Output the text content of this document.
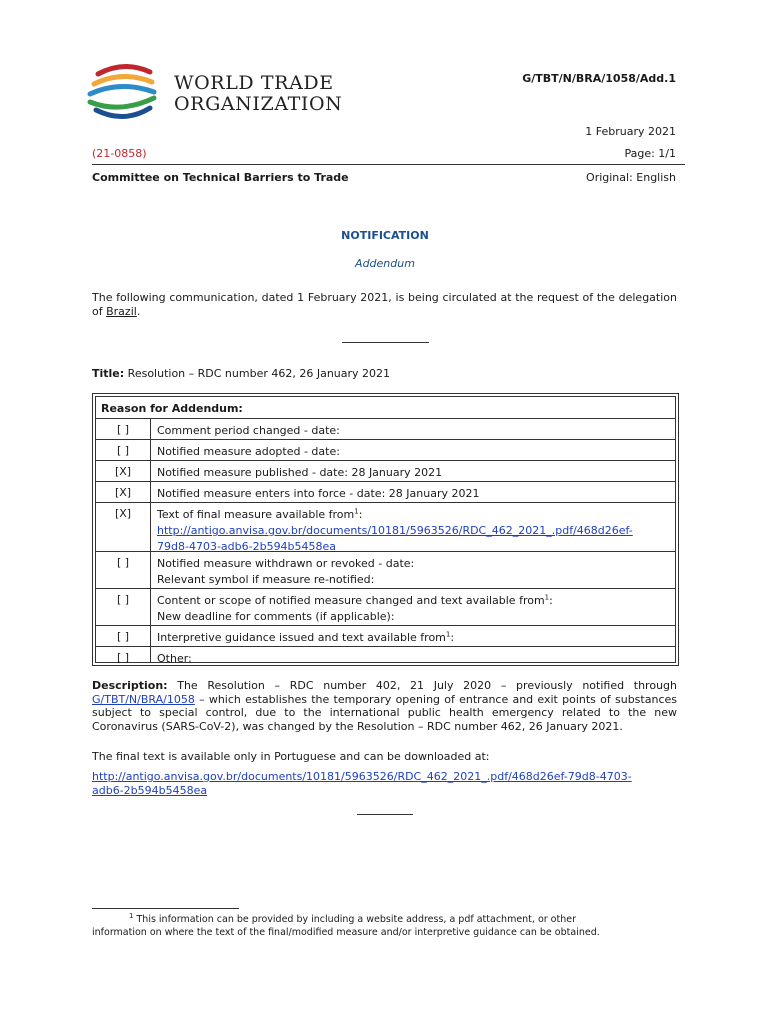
WORLD TRADE
ORGANIZATION
G/TBT/N/BRA/1058/Add.1
1 February 2021
(21-0858)	Page: 1/1
Committee on Technical Barriers to Trade	Original: English
NOTIFICATION
Addendum
The following communication, dated 1 February 2021, is being circulated at the request of the delegation of Brazil.
Title: Resolution – RDC number 462, 26 January 2021
Reason for Addendum:
[ ]	Comment period changed - date:
[ ]	Notified measure adopted - date:
[X]	Notified measure published - date: 28 January 2021
[X]	Notified measure enters into force - date: 28 January 2021
[X]	Text of final measure available from$^1$:
http://antigo.anvisa.gov.br/documents/10181/5963526/RDC_462_2021_.pdf/468d26ef-
79d8-4703-adb6-2b594b5458ea
[ ]	Notified measure withdrawn or revoked - date:
Relevant symbol if measure re-notified:
[ ]	Content or scope of notified measure changed and text available from$^1$:
New deadline for comments (if applicable):
[ ]	Interpretive guidance issued and text available from$^1$:
[ ]	Other:
Description: The Resolution – RDC number 402, 21 July 2020 – previously notified through G/TBT/N/BRA/1058 – which establishes the temporary opening of entrance and exit points of substances subject to special control, due to the international public health emergency related to the new Coronavirus (SARS-CoV-2), was changed by the Resolution – RDC number 462, 26 January 2021.
The final text is available only in Portuguese and can be downloaded at:
http://antigo.anvisa.gov.br/documents/10181/5963526/RDC_462_2021_.pdf/468d26ef-79d8-4703-
adb6-2b594b5458ea
$^1$ This information can be provided by including a website address, a pdf attachment, or other
information on where the text of the final/modified measure and/or interpretive guidance can be obtained.
